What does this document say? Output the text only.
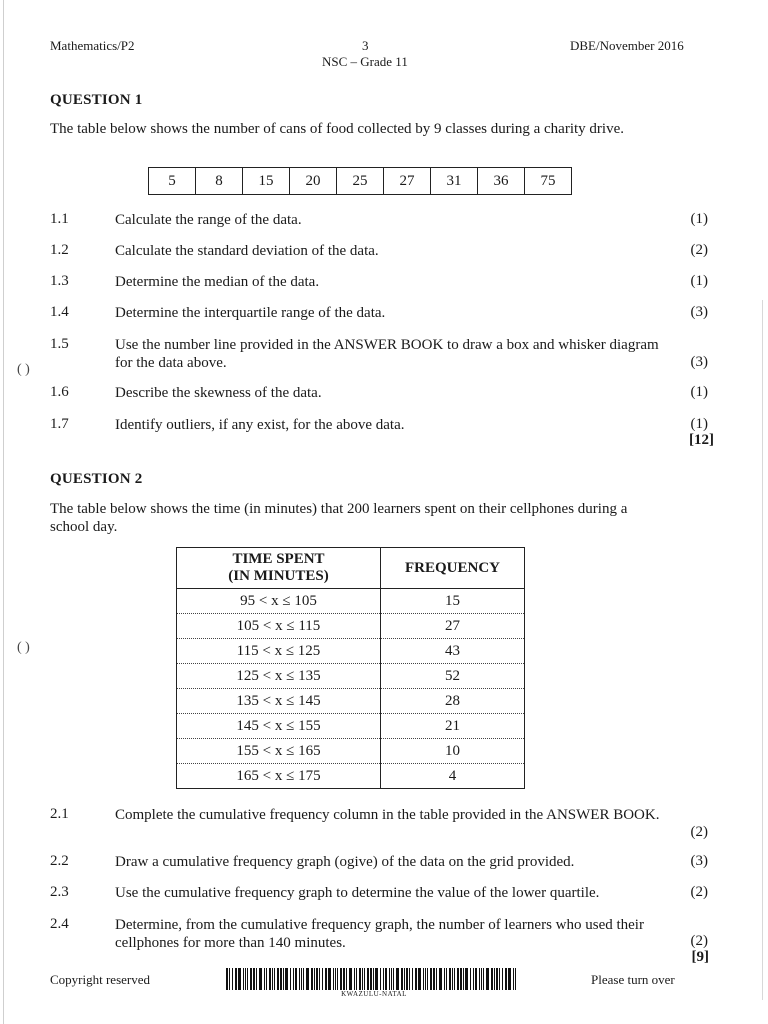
Mathematics/P2	3
NSC – Grade 11
DBE/November 2016
QUESTION 1
The table below shows the number of cans of food collected by 9 classes during a charity drive.
5	8	15	20	25	27	31	36	75
1.1	Calculate the range of the data.	(1)
1.2	Calculate the standard deviation of the data.	(2)
1.3	Determine the median of the data.	(1)
1.4	Determine the interquartile range of the data.	(3)
1.5	Use the number line provided in the ANSWER BOOK to draw a box and whisker diagram for the data above.	(3)
1.6	Describe the skewness of the data.	(1)
1.7	Identify outliers, if any exist, for the above data.	(1)
[12]
( )
( )
QUESTION 2
The table below shows the time (in minutes) that 200 learners spent on their cellphones during a school day.
TIME SPENT
(IN MINUTES)	FREQUENCY
95 < x ≤ 105	15
105 < x ≤ 115	27
115 < x ≤ 125	43
125 < x ≤ 135	52
135 < x ≤ 145	28
145 < x ≤ 155	21
155 < x ≤ 165	10
165 < x ≤ 175	4
2.1	Complete the cumulative frequency column in the table provided in the ANSWER BOOK.
(2)
2.2	Draw a cumulative frequency graph (ogive) of the data on the grid provided.	(3)
2.3	Use the cumulative frequency graph to determine the value of the lower quartile.	(2)
2.4	Determine, from the cumulative frequency graph, the number of learners who used their cellphones for more than 140 minutes.	(2)
[9]
Copyright reserved
KWAZULU-NATAL
Please turn over
